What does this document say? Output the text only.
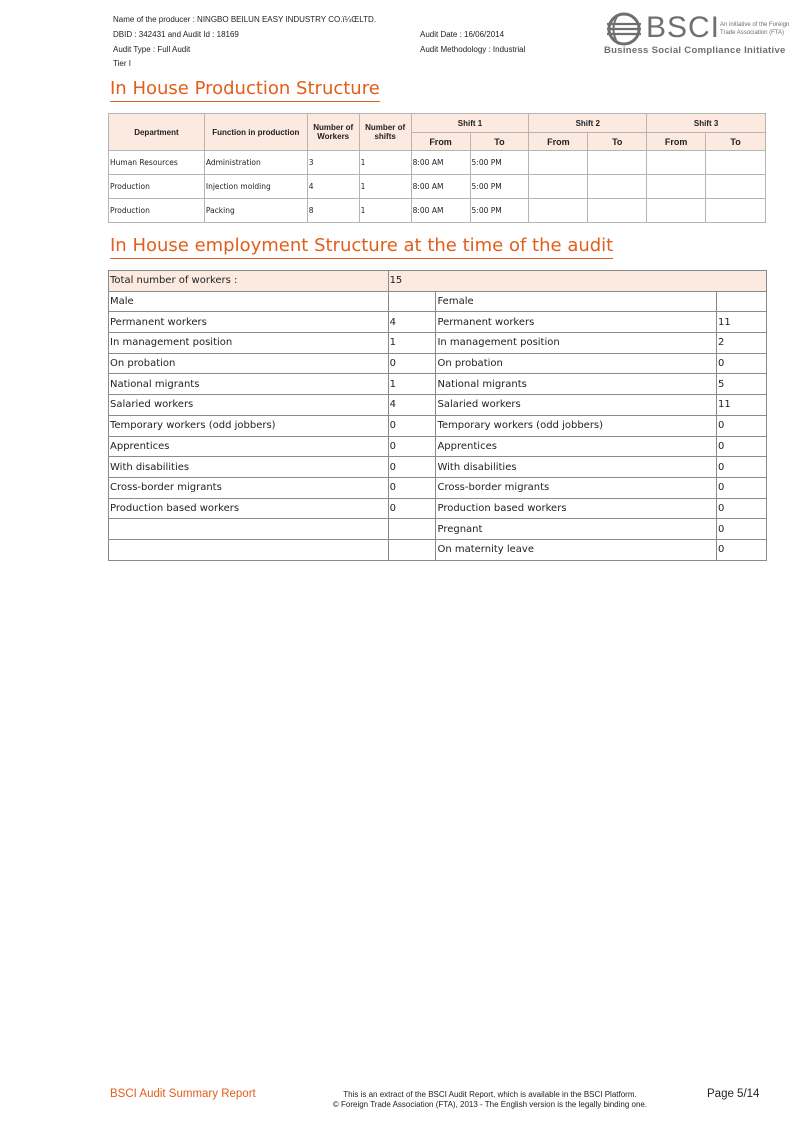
Name of the producer : NINGBO BEILUN EASY INDUSTRY CO.ï¼ŒLTD.
DBID : 342431 and Audit Id : 18169
Audit Type : Full Audit
Tier I
Audit Date : 16/06/2014
Audit Methodology : Industrial
BSCI An initiative of the Foreign
Trade Association (FTA)
Business Social Compliance Initiative
In House Production Structure
Department	Function in production	Number of Workers	Number of shifts	Shift 1		Shift 2		Shift 3	
				From	To	From	To	From	To
Human Resources	Administration	3	1	8:00 AM	5:00 PM				
Production	Injection molding	4	1	8:00 AM	5:00 PM				
Production	Packing	8	1	8:00 AM	5:00 PM				
In House employment Structure at the time of the audit
Total number of workers :	15		
Male		Female	
Permanent workers	4	Permanent workers	11
In management position	1	In management position	2
On probation	0	On probation	0
National migrants	1	National migrants	5
Salaried workers	4	Salaried workers	11
Temporary workers (odd jobbers)	0	Temporary workers (odd jobbers)	0
Apprentices	0	Apprentices	0
With disabilities	0	With disabilities	0
Cross-border migrants	0	Cross-border migrants	0
Production based workers	0	Production based workers	0
		Pregnant	0
		On maternity leave	0
BSCI Audit Summary Report	This is an extract of the BSCI Audit Report, which is available in the BSCI Platform.
© Foreign Trade Association (FTA), 2013 - The English version is the legally binding one.
Page 5/14
